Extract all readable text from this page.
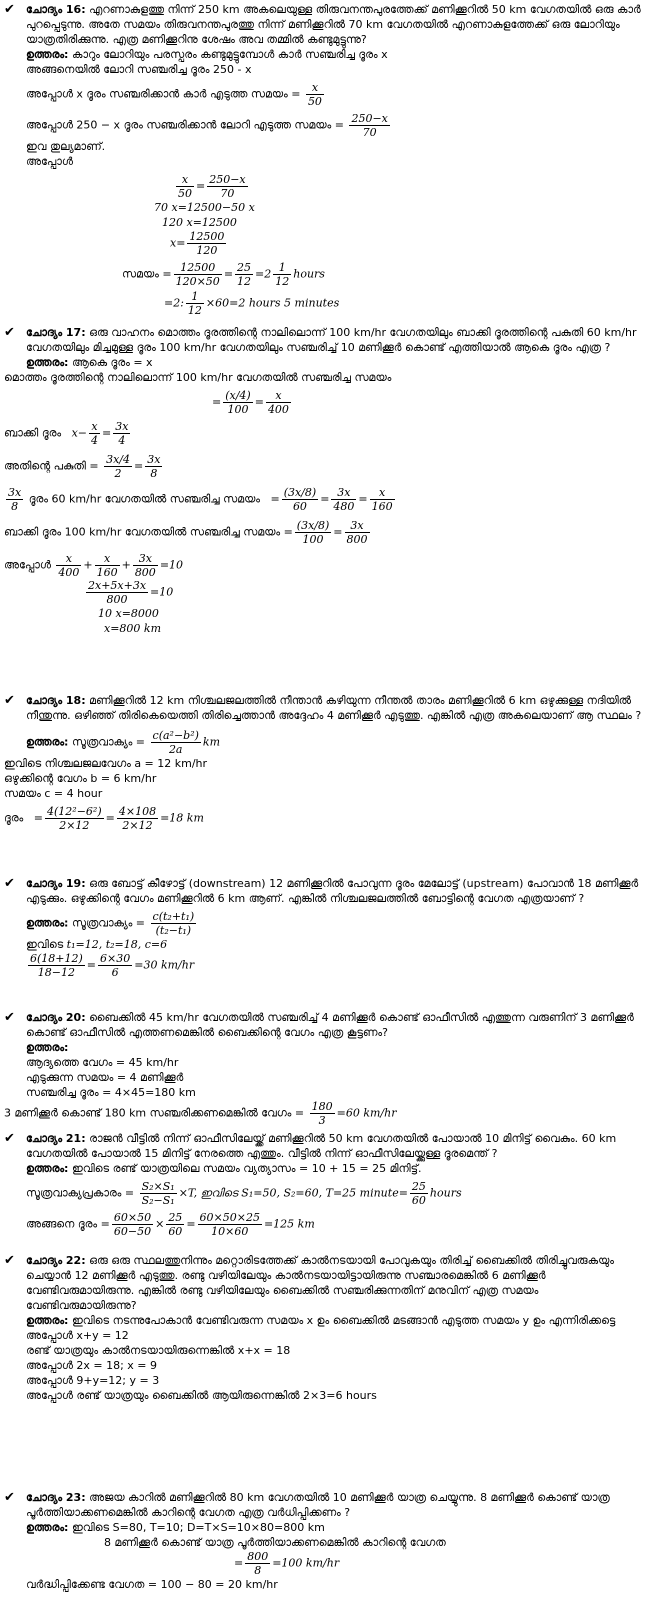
✔	ചോദ്യം 16: എറണാകുളത്തു നിന്ന് 250 km അകലെയുള്ള തിരുവനന്തപുരത്തേക്ക് മണിക്കൂറിൽ 50 km വേഗതയിൽ ഒരു കാർ പുറപ്പെടുന്നു. അതേ സമയം തിരുവനന്തപുരത്തു നിന്ന് മണിക്കൂറിൽ 70 km വേഗതയിൽ എറണാകുളത്തേക്ക് ഒരു ലോറിയും യാത്രതിരിക്കുന്നു. എത്ര മണിക്കൂറിനു ശേഷം അവ തമ്മിൽ കണ്ടുമുട്ടുന്നു?
ഉത്തരം: കാറും ലോറിയും പരസ്പരം കണ്ടുമുട്ടുമ്പോൾ കാർ സഞ്ചരിച്ച ദൂരം x
അങ്ങനെയിൽ ലോറി സഞ്ചരിച്ച ദൂരം 250 - x
അപ്പോൾ x ദൂരം സഞ്ചരിക്കാൻ കാർ എടുത്ത സമയം = $\frac{x}{50}$
അപ്പോൾ 250 − x ദൂരം സഞ്ചരിക്കാൻ ലോറി എടുത്ത സമയം = $\frac{250-x}{70}$
ഇവ തുല്യമാണ്.
അപ്പോൾ
$\frac{x}{50} = \frac{250-x}{70}$
70 x=12500−50 x
120 x=12500
$x= \frac{12500}{120}$
സമയം = $\frac{12500}{120\times 50} = \frac{25}{12} =2 \frac{1}{12}$ hours
=2: $\frac{1}{12} \times 60=2$ hours 5 minutes
✔	ചോദ്യം 17: ഒരു വാഹനം മൊത്തം ദൂരത്തിന്റെ നാലിലൊന്ന് 100 km/hr വേഗതയിലും ബാക്കി ദൂരത്തിന്റെ പകുതി 60 km/hr വേഗതയിലും മിച്ചമുള്ള ദൂരം 100 km/hr വേഗതയിലും സഞ്ചരിച്ച് 10 മണിക്കൂർ കൊണ്ട് എത്തിയാൽ ആകെ ദൂരം എത്ര ?
ഉത്തരം: ആകെ ദൂരം = x
മൊത്തം ദൂരത്തിന്റെ നാലിലൊന്ന് 100 km/hr വേഗതയിൽ സഞ്ചരിച്ച സമയം
= $\frac{(x/4)}{100} = \frac{x}{400}$
ബാക്കി ദൂരം   $x- \frac{x}{4} = \frac{3x}{4}$
അതിന്റെ പകുതി = $\frac{3x/4}{2} = \frac{3x}{8}$
$\frac{3x}{8}$ ദൂരം 60 km/hr വേഗതയിൽ സഞ്ചരിച്ച സമയം   = $\frac{(3x/8)}{60} = \frac{3x}{480} = \frac{x}{160}$
ബാക്കി ദൂരം 100 km/hr വേഗതയിൽ സഞ്ചരിച്ച സമയം = $\frac{(3x/8)}{100} = \frac{3x}{800}$
അപ്പോൾ $\frac{x}{400} + \frac{x}{160} + \frac{3x}{800} =10$
$\frac{2x+5x+3x}{800} =10$
10 x=8000
x=800 km
✔	ചോദ്യം 18: മണിക്കൂറിൽ 12 km നിശ്ചലജലത്തിൽ നീന്താൻ കഴിയുന്ന നീന്തൽ താരം മണിക്കൂറിൽ 6 km ഒഴുക്കുള്ള നദിയിൽ നീന്തുന്നു. ഒഴിഞ്ഞ് തിരികെയെത്തി തിരിച്ചെത്താൻ അദ്ദേഹം 4 മണിക്കൂർ എടുത്തു. എങ്കിൽ എത്ര അകലെയാണ് ആ സ്ഥലം ?
ഉത്തരം: സൂത്രവാക്യം = $\frac{\text{c(a²−b²)}}{2a}$ km
ഇവിടെ നിശ്ചലജലവേഗം a = 12 km/hr
ഒഴുക്കിന്റെ വേഗം b = 6 km/hr
സമയം c = 4 hour
ദൂരം   = $\frac{\text{4(12²−6²)}}{2\times 12} = \frac{4\times 108}{2\times 12} =18$ km
✔	ചോദ്യം 19: ഒരു ബോട്ട് കീഴോട്ട് (downstream) 12 മണിക്കൂറിൽ പോവുന്ന ദൂരം മേലോട്ട് (upstream) പോവാൻ 18 മണിക്കൂർ എടുക്കും. ഒഴുക്കിന്റെ വേഗം മണിക്കൂറിൽ 6 km ആണ്. എങ്കിൽ നിശ്ചലജലത്തിൽ ബോട്ടിന്റെ വേഗത എത്രയാണ് ?
ഉത്തരം: സൂത്രവാക്യം = $\frac{\text{c(t₂+t₁)}}{\text{(t₂−t₁)}}$
ഇവിടെ t₁=12, t₂=18, c=6
$\frac{6(18+12)}{18-12} = \frac{6\times 30}{6} =30$ km/hr
✔	ചോദ്യം 20: ബൈക്കിൽ 45 km/hr വേഗതയിൽ സഞ്ചരിച്ച് 4 മണിക്കൂർ കൊണ്ട് ഓഫീസിൽ എത്തുന്ന വരുണിന് 3 മണിക്കൂർ കൊണ്ട് ഓഫീസിൽ എത്തണമെങ്കിൽ ബൈക്കിന്റെ വേഗം എത്ര കൂട്ടണം?
ഉത്തരം:
ആദ്യത്തെ വേഗം = 45 km/hr
എടുക്കുന്ന സമയം = 4 മണിക്കൂർ
സഞ്ചരിച്ച ദൂരം = 4×45=180 km
3 മണിക്കൂർ കൊണ്ട് 180 km സഞ്ചരിക്കണമെങ്കിൽ വേഗം = $\frac{180}{3} =60$ km/hr
✔	ചോദ്യം 21: രാജൻ വീട്ടിൽ നിന്ന് ഓഫീസിലേയ്ക്ക് മണിക്കൂറിൽ 50 km വേഗതയിൽ പോയാൽ 10 മിനിട്ട് വൈകും. 60 km വേഗതയിൽ പോയാൽ 15 മിനിട്ട് നേരത്തെ എത്തും. വീട്ടിൽ നിന്ന് ഓഫീസിലേയ്ക്കുള്ള ദൂരമെന്ത് ?
ഉത്തരം: ഇവിടെ രണ്ട് യാത്രയിലെ സമയം വ്യത്യാസം = 10 + 15 = 25 മിനിട്ട്.
സൂത്രവാക്യപ്രകാരം = $\frac{\text{S₂×S₁}}{\text{S₂−S₁}} \times T$, ഇവിടെ S₁=50, S₂=60, T=25 minute= $\frac{25}{60}$ hours
അങ്ങനെ ദൂരം = $\frac{60\times 50}{60-50} \times \frac{25}{60} = \frac{60\times 50\times 25}{10\times 60} =125$ km
✔	ചോദ്യം 22: ഒരു ഒരു സ്ഥലത്തുനിന്നും മറ്റൊരിടത്തേക്ക് കാൽനടയായി പോവുകയും തിരിച്ച് ബൈക്കിൽ തിരിച്ചുവരുകയും ചെയ്യാൻ 12 മണിക്കൂർ എടുത്തു. രണ്ടു വഴിയിലേയും കാൽനടയായിട്ടായിരുന്നു സഞ്ചാരമെങ്കിൽ 6 മണിക്കൂർ വേണ്ടിവരുമായിരുന്നു. എങ്കിൽ രണ്ടു വഴിയിലേയും ബൈക്കിൽ സഞ്ചരിക്കുന്നതിന് മനുവിന് എത്ര സമയം വേണ്ടിവരുമായിരുന്നു?
ഉത്തരം: ഇവിടെ നടന്നുപോകാൻ വേണ്ടിവരുന്ന സമയം x ഉം ബൈക്കിൽ മടങ്ങാൻ എടുത്ത സമയം y ഉം എന്നിരിക്കട്ടെ
അപ്പോൾ x+y = 12
രണ്ട് യാത്രയും കാൽനടയായിരുന്നെങ്കിൽ x+x = 18
അപ്പോൾ 2x = 18; x = 9
അപ്പോൾ 9+y=12; y = 3
അപ്പോൾ രണ്ട് യാത്രയും ബൈക്കിൽ ആയിരുന്നെങ്കിൽ 2×3=6 hours
✔	ചോദ്യം 23: അജയ കാറിൽ മണിക്കൂറിൽ 80 km വേഗതയിൽ 10 മണിക്കൂർ യാത്ര ചെയ്യുന്നു. 8 മണിക്കൂർ കൊണ്ട് യാത്ര പൂർത്തിയാക്കണമെങ്കിൽ കാറിന്റെ വേഗത എത്ര വർധിപ്പിക്കണം ?
ഉത്തരം: ഇവിടെ S=80, T=10; D=T×S=10×80=800 km
8 മണിക്കൂർ കൊണ്ട് യാത്ര പൂർത്തിയാക്കണമെങ്കിൽ കാറിന്റെ വേഗത
= $\frac{800}{8} =100$ km/hr
വർദ്ധിപ്പിക്കേണ്ട വേഗത = 100 − 80 = 20 km/hr
